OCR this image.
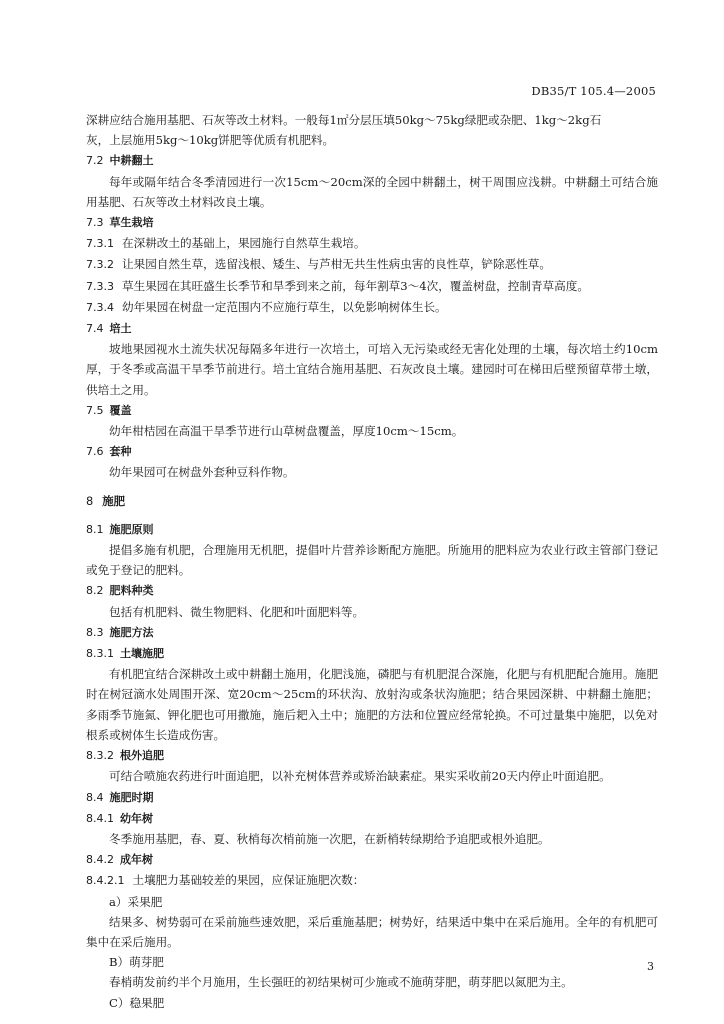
DB35/T 105.4—2005
深耕应结合施用基肥、石灰等改土材料。一般每1㎡分层压填50kg～75kg绿肥或杂肥、1kg～2kg石
灰，上层施用5kg～10kg饼肥等优质有机肥料。
7.2 中耕翻土
每年或隔年结合冬季清园进行一次15cm～20cm深的全园中耕翻土，树干周围应浅耕。中耕翻土可结合施用基肥、石灰等改土材料改良土壤。
7.3 草生栽培
7.3.1 在深耕改土的基础上，果园施行自然草生栽培。
7.3.2 让果园自然生草，选留浅根、矮生、与芦柑无共生性病虫害的良性草，铲除恶性草。
7.3.3 草生果园在其旺盛生长季节和旱季到来之前，每年割草3～4次，覆盖树盘，控制青草高度。
7.3.4 幼年果园在树盘一定范围内不应施行草生，以免影响树体生长。
7.4 培土
坡地果园视水土流失状况每隔多年进行一次培土，可培入无污染或经无害化处理的土壤，每次培土约10cm厚，于冬季或高温干旱季节前进行。培土宜结合施用基肥、石灰改良土壤。建园时可在梯田后壁预留草带土墩，供培土之用。
7.5 覆盖
幼年柑桔园在高温干旱季节进行山草树盘覆盖，厚度10cm～15cm。
7.6 套种
幼年果园可在树盘外套种豆科作物。
8 施肥
8.1 施肥原则
提倡多施有机肥，合理施用无机肥，提倡叶片营养诊断配方施肥。所施用的肥料应为农业行政主管部门登记或免于登记的肥料。
8.2 肥料种类
包括有机肥料、微生物肥料、化肥和叶面肥料等。
8.3 施肥方法
8.3.1 土壤施肥
有机肥宜结合深耕改土或中耕翻土施用，化肥浅施，磷肥与有机肥混合深施，化肥与有机肥配合施用。施肥时在树冠滴水处周围开深、宽20cm～25cm的环状沟、放射沟或条状沟施肥；结合果园深耕、中耕翻土施肥；多雨季节施氮、钾化肥也可用撒施，施后耙入土中；施肥的方法和位置应经常轮换。不可过量集中施肥，以免对根系或树体生长造成伤害。
8.3.2 根外追肥
可结合喷施农药进行叶面追肥，以补充树体营养或矫治缺素症。果实采收前20天内停止叶面追肥。
8.4 施肥时期
8.4.1 幼年树
冬季施用基肥，春、夏、秋梢每次梢前施一次肥，在新梢转绿期给予追肥或根外追肥。
8.4.2 成年树
8.4.2.1 土壤肥力基础较差的果园，应保证施肥次数：
a）采果肥
结果多、树势弱可在采前施些速效肥，采后重施基肥；树势好，结果适中集中在采后施用。全年的有机肥可集中在采后施用。
B）萌芽肥
春梢萌发前约半个月施用，生长强旺的初结果树可少施或不施萌芽肥，萌芽肥以氮肥为主。
C）稳果肥
3
